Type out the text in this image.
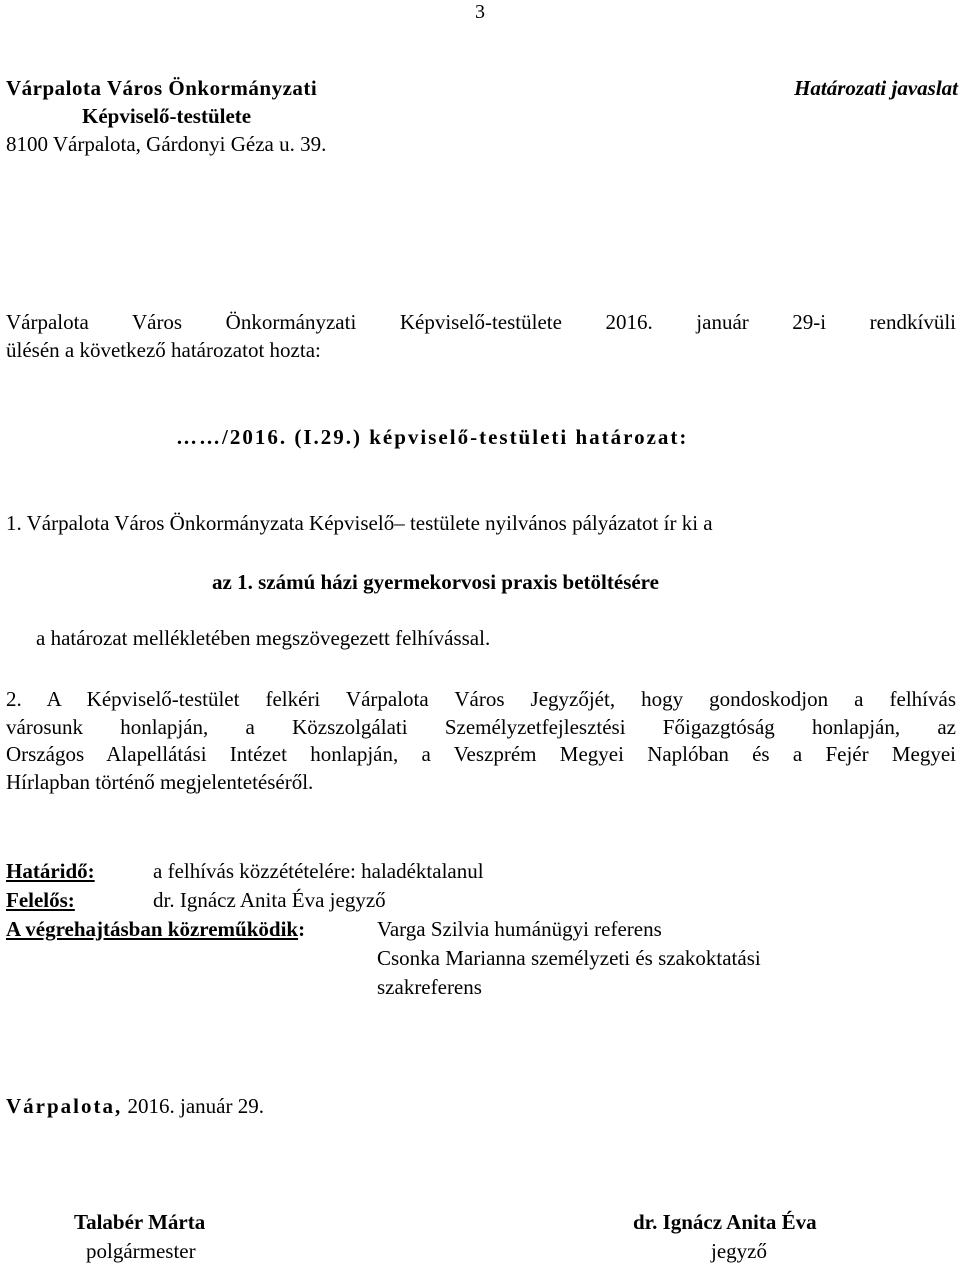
3
Várpalota Város Önkormányzati
Képviselő-testülete
8100 Várpalota, Gárdonyi Géza u. 39.
Határozati javaslat
Várpalota Város Önkormányzati Képviselő-testülete 2016. január 29-i rendkívüli
ülésén a következő határozatot hozta:
……/2016. (I.29.) képviselő-testületi határozat:
1. Várpalota Város Önkormányzata Képviselő– testülete nyilvános pályázatot ír ki a
az 1. számú házi gyermekorvosi praxis betöltésére
a határozat mellékletében megszövegezett felhívással.
2. A Képviselő-testület felkéri Várpalota Város Jegyzőjét, hogy gondoskodjon a felhívás
városunk honlapján, a Közszolgálati Személyzetfejlesztési Főigazgtóság honlapján, az
Országos Alapellátási Intézet honlapján, a Veszprém Megyei Naplóban és a Fejér Megyei
Hírlapban történő megjelentetéséről.
Határidő:	a felhívás közzétételére: haladéktalanul
Felelős:	dr. Ignácz Anita Éva jegyző
A végrehajtásban közreműködik:	Varga Szilvia humánügyi referens
Csonka Marianna személyzeti és szakoktatási
szakreferens
Várpalota, 2016. január 29.
Talabér Márta
polgármester
dr. Ignácz Anita Éva
jegyző
